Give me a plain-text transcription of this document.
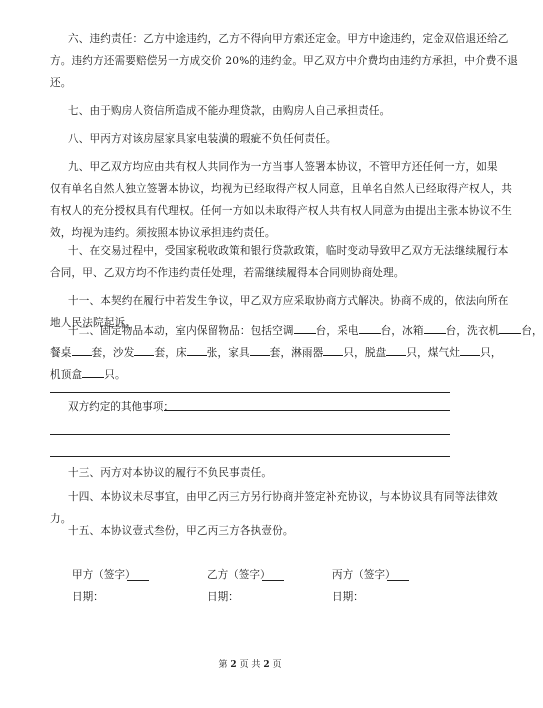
六、违约责任：乙方中途违约，乙方不得向甲方索还定金。甲方中途违约，定金双倍退还给乙
方。违约方还需要赔偿另一方成交价 20%的违约金。甲乙双方中介费均由违约方承担，中介费不退
还。
七、由于购房人资信所造成不能办理贷款，由购房人自己承担责任。
八、甲丙方对该房屋家具家电装潢的瑕疵不负任何责任。
九、甲乙双方均应由共有权人共同作为一方当事人签署本协议，不管甲方还任何一方，如果
仅有单名自然人独立签署本协议，均视为已经取得产权人同意，且单名自然人已经取得产权人，共
有权人的充分授权具有代理权。任何一方如以未取得产权人共有权人同意为由提出主张本协议不生
效，均视为违约。须按照本协议承担违约责任。
十、在交易过程中，受国家税收政策和银行贷款政策，临时变动导致甲乙双方无法继续履行本
合同，甲、乙双方均不作违约责任处理，若需继续履得本合同则协商处理。
十一、本契约在履行中若发生争议，甲乙双方应采取协商方式解决。协商不成的，依法向所在
地人民法院起诉。
十二、固定物品本动，室内保留物品：包括空调 台，采电 台，冰箱 台，洗衣机 台，
餐桌 套，沙发 套，床 张，家具 套，淋雨器 只，脱盘 只，煤气灶 只，
机顶盒 只。
双方约定的其他事项：
十三、丙方对本协议的履行不负民事责任。
十四、本协议未尽事宜，由甲乙丙三方另行协商并签定补充协议，与本协议具有同等法律效
力。
十五、本协议壹式叁份，甲乙丙三方各执壹份。
甲方（签字）	乙方（签字）	丙方（签字）
日期：	日期：	日期：
第 2 页 共 2 页
